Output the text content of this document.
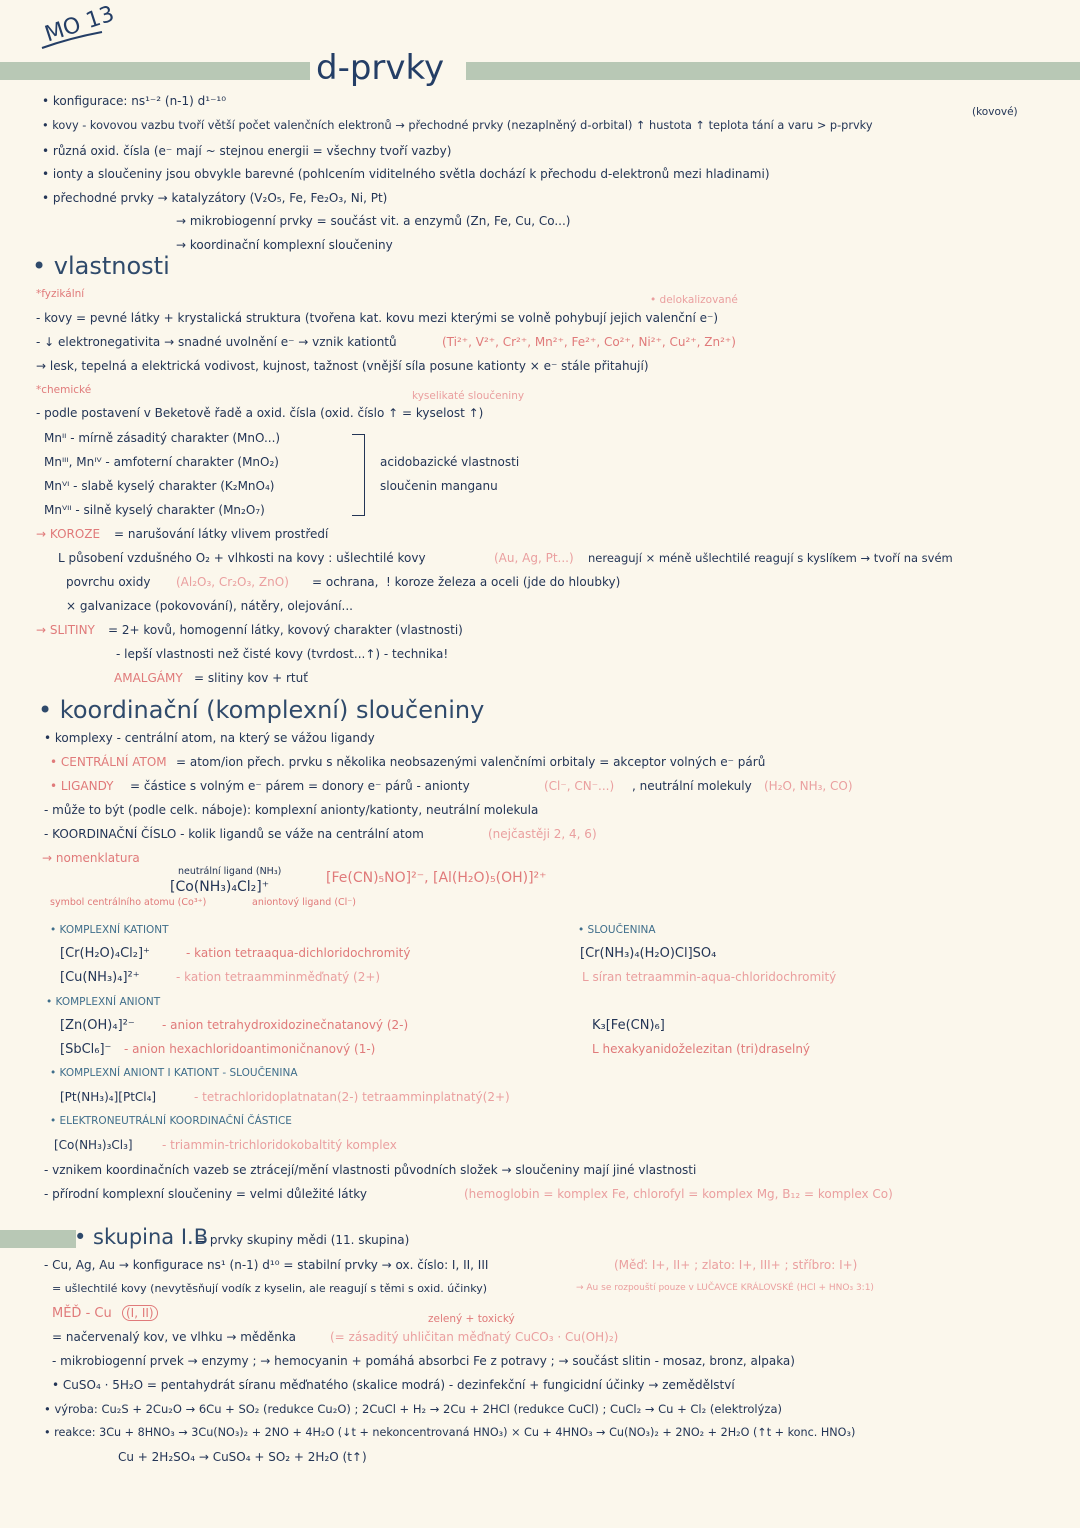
MO 13
d-prvky
• konfigurace: ns¹⁻² (n-1) d¹⁻¹⁰
• kovy - kovovou vazbu tvoří větší počet valenčních elektronů → přechodné prvky (nezaplněný d-orbital) ↑ hustota ↑ teplota tání a varu > p-prvky
(kovové)
• různá oxid. čísla (e⁻ mají ~ stejnou energii = všechny tvoří vazby)
• ionty a sloučeniny jsou obvykle barevné (pohlcením viditelného světla dochází k přechodu d-elektronů mezi hladinami)
• přechodné prvky → katalyzátory (V₂O₅, Fe, Fe₂O₃, Ni, Pt)
→ mikrobiogenní prvky = součást vit. a enzymů (Zn, Fe, Cu, Co...)
→ koordinační komplexní sloučeniny
• vlastnosti
*fyzikální	• delokalizované
- kovy = pevné látky + krystalická struktura (tvořena kat. kovu mezi kterými se volně pohybují jejich valenční e⁻)
- ↓ elektronegativita → snadné uvolnění e⁻ → vznik kationtů	(Ti²⁺, V²⁺, Cr²⁺, Mn²⁺, Fe²⁺, Co²⁺, Ni²⁺, Cu²⁺, Zn²⁺)
→ lesk, tepelná a elektrická vodivost, kujnost, tažnost (vnější síla posune kationty × e⁻ stále přitahují)
*chemické	kyselikaté sloučeniny
- podle postavení v Beketově řadě a oxid. čísla (oxid. číslo ↑ = kyselost ↑)
Mnᴵᴵ - mírně zásaditý charakter (MnO...)
Mnᴵᴵᴵ, Mnᴵⱽ - amfoterní charakter (MnO₂)
Mnⱽᴵ - slabě kyselý charakter (K₂MnO₄)
Mnⱽᴵᴵ - silně kyselý charakter (Mn₂O₇)
acidobazické vlastnosti
sloučenin manganu
→ KOROZE = narušování látky vlivem prostředí
L působení vzdušného O₂ + vlhkosti na kovy : ušlechtilé kovy	(Au, Ag, Pt...) nereagují × méně ušlechtilé reagují s kyslíkem → tvoří na svém
povrchu oxidy (Al₂O₃, Cr₂O₃, ZnO) = ochrana, ! koroze železa a oceli (jde do hloubky)
× galvanizace (pokovování), nátěry, olejování...
→ SLITINY = 2+ kovů, homogenní látky, kovový charakter (vlastnosti)
- lepší vlastnosti než čisté kovy (tvrdost...↑) - technika!
AMALGÁMY = slitiny kov + rtuť
• koordinační (komplexní) sloučeniny
• komplexy - centrální atom, na který se vážou ligandy
• CENTRÁLNÍ ATOM = atom/ion přech. prvku s několika neobsazenými valenčními orbitaly = akceptor volných e⁻ párů
• LIGANDY = částice s volným e⁻ párem = donory e⁻ párů - anionty	(Cl⁻, CN⁻...) , neutrální molekuly (H₂O, NH₃, CO)
- může to být (podle celk. náboje): komplexní anionty/kationty, neutrální molekula
- KOORDINAČNÍ ČÍSLO - kolik ligandů se váže na centrální atom	(nejčastěji 2, 4, 6)
→ nomenklatura
neutrální ligand (NH₃)
[Co(NH₃)₄Cl₂]⁺
[Fe(CN)₅NO]²⁻, [Al(H₂O)₅(OH)]²⁺
symbol centrálního atomu (Co³⁺)	aniontový ligand (Cl⁻)
• KOMPLEXNÍ KATIONT
[Cr(H₂O)₄Cl₂]⁺	- kation tetraaqua-dichloridochromitý
[Cu(NH₃)₄]²⁺	- kation tetraamminměďnatý (2+)
• SLOUČENINA
[Cr(NH₃)₄(H₂O)Cl]SO₄
L síran tetraammin-aqua-chloridochromitý
K₃[Fe(CN)₆]
L hexakyanidoželezitan (tri)draselný
• KOMPLEXNÍ ANIONT
[Zn(OH)₄]²⁻ - anion tetrahydroxidozinečnatanový (2-)
[SbCl₆]⁻ - anion hexachloridoantimoničnanový (1-)
• KOMPLEXNÍ ANIONT I KATIONT - SLOUČENINA
[Pt(NH₃)₄][PtCl₄]	- tetrachloridoplatnatan(2-) tetraamminplatnatý(2+)
• ELEKTRONEUTRÁLNÍ KOORDINAČNÍ ČÁSTICE
[Co(NH₃)₃Cl₃] - triammin-trichloridokobaltitý komplex
- vznikem koordinačních vazeb se ztrácejí/mění vlastnosti původních složek → sloučeniny mají jiné vlastnosti
- přírodní komplexní sloučeniny = velmi důležité látky	(hemoglobin = komplex Fe, chlorofyl = komplex Mg, B₁₂ = komplex Co)
• skupina I.B
= prvky skupiny mědi (11. skupina)
- Cu, Ag, Au → konfigurace ns¹ (n-1) d¹⁰ = stabilní prvky → ox. číslo: I, II, III	(Měď: I+, II+ ; zlato: I+, III+ ; stříbro: I+)
= ušlechtilé kovy (nevytěsňují vodík z kyselin, ale reagují s těmi s oxid. účinky)	→ Au se rozpouští pouze v LUČAVCE KRÁLOVSKÉ (HCl + HNO₃ 3:1)
MĚĎ - Cu	(I, II)	zelený + toxický
= načervenalý kov, ve vlhku → měděnka	(= zásaditý uhličitan měďnatý CuCO₃ · Cu(OH)₂)
- mikrobiogenní prvek → enzymy ; → hemocyanin + pomáhá absorbci Fe z potravy ; → součást slitin - mosaz, bronz, alpaka)
• CuSO₄ · 5H₂O = pentahydrát síranu měďnatého (skalice modrá) - dezinfekční + fungicidní účinky → zemědělství
• výroba: Cu₂S + 2Cu₂O → 6Cu + SO₂ (redukce Cu₂O) ; 2CuCl + H₂ → 2Cu + 2HCl (redukce CuCl) ; CuCl₂ → Cu + Cl₂ (elektrolýza)
• reakce: 3Cu + 8HNO₃ → 3Cu(NO₃)₂ + 2NO + 4H₂O (↓t + nekoncentrovaná HNO₃) × Cu + 4HNO₃ → Cu(NO₃)₂ + 2NO₂ + 2H₂O (↑t + konc. HNO₃)
Cu + 2H₂SO₄ → CuSO₄ + SO₂ + 2H₂O (t↑)
